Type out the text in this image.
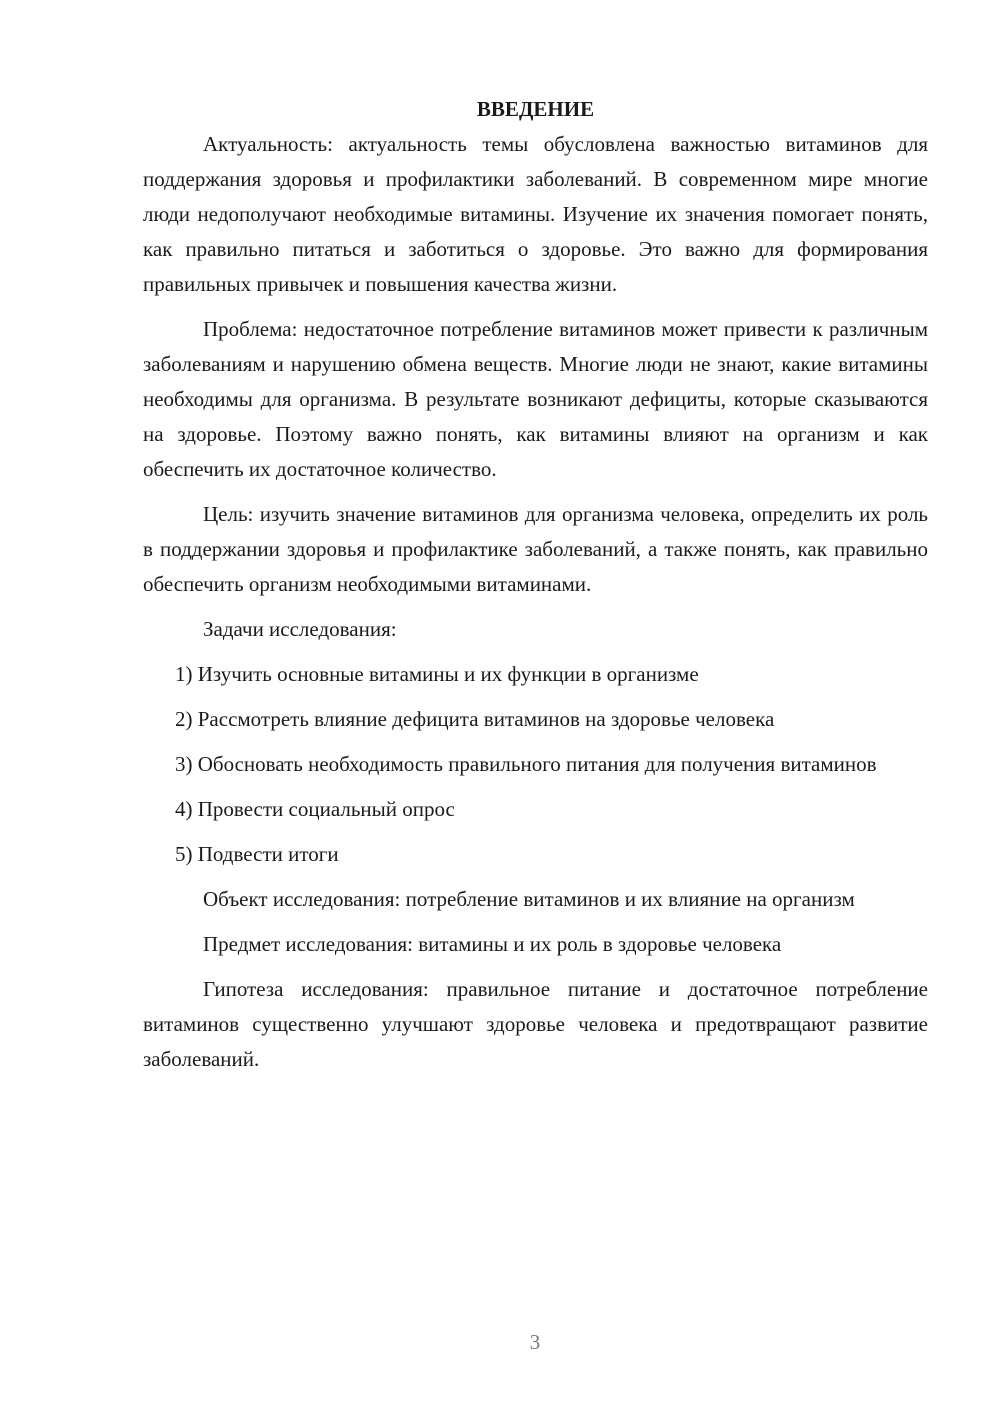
ВВЕДЕНИЕ

Актуальность: актуальность темы обусловлена важностью витаминов для поддержания здоровья и профилактики заболеваний. В современном мире многие люди недополучают необходимые витамины. Изучение их значения помогает понять, как правильно питаться и заботиться о здоровье. Это важно для формирования правильных привычек и повышения качества жизни.

Проблема: недостаточное потребление витаминов может привести к различным заболеваниям и нарушению обмена веществ. Многие люди не знают, какие витамины необходимы для организма. В результате возникают дефициты, которые сказываются на здоровье. Поэтому важно понять, как витамины влияют на организм и как обеспечить их достаточное количество.

Цель: изучить значение витаминов для организма человека, определить их роль в поддержании здоровья и профилактике заболеваний, а также понять, как правильно обеспечить организм необходимыми витаминами.

Задачи исследования:

1) Изучить основные витамины и их функции в организме

2) Рассмотреть влияние дефицита витаминов на здоровье человека

3) Обосновать необходимость правильного питания для получения витаминов

4) Провести социальный опрос

5) Подвести итоги

Объект исследования: потребление витаминов и их влияние на организм

Предмет исследования: витамины и их роль в здоровье человека

Гипотеза исследования: правильное питание и достаточное потребление витаминов существенно улучшают здоровье человека и предотвращают развитие заболеваний.

3
